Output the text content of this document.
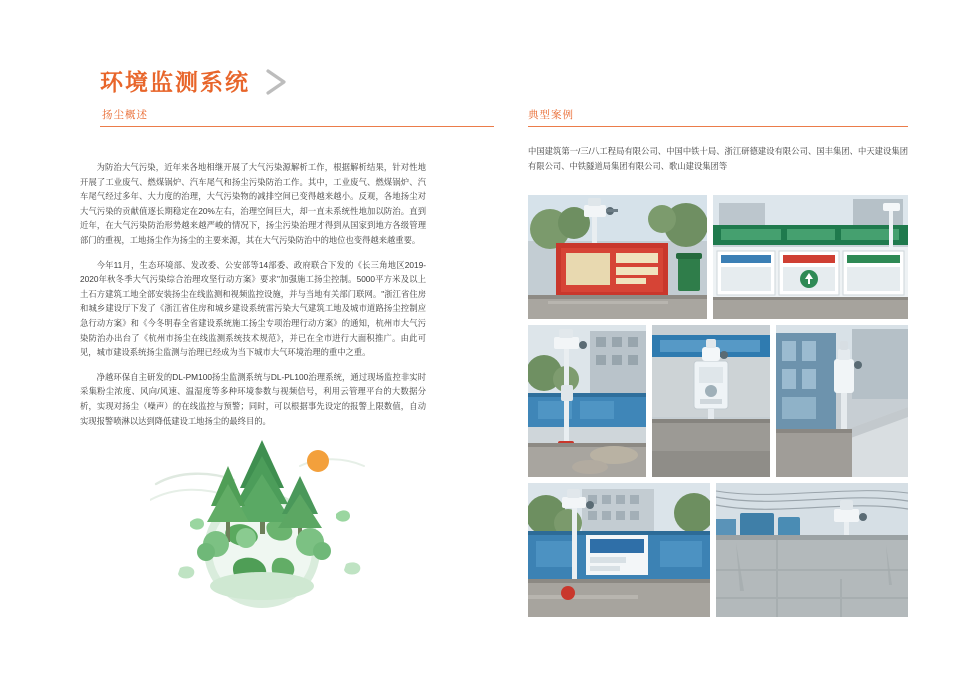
环境监测系统
扬尘概述

为防治大气污染，近年来各地相继开展了大气污染源解析工作，根据解析结果，针对性地开展了工业废气、燃煤锅炉、汽车尾气和扬尘污染防治工作。其中，工业废气、燃煤锅炉、汽车尾气经过多年、大力度的治理，大气污染物的减排空间已变得越来越小。反观，各地扬尘对大气污染的贡献值逐长期稳定在20%左右，治理空间巨大，却一直未系统性地加以防治。直到近年，在大气污染防治形势越来越严峻的情况下，扬尘污染治理才得到从国家到地方各级管理部门的重视，工地扬尘作为扬尘的主要来源，其在大气污染防治中的地位也变得越来越重要。

今年11月，生态环境部、发改委、公安部等14部委、政府联合下发的《长三角地区2019-2020年秋冬季大气污染综合治理攻坚行动方案》要求"加强施工扬尘控制。5000平方米及以上土石方建筑工地全部安装扬尘在线监测和视频监控设施，并与当地有关部门联网。"浙江省住房和城乡建设厅下发了《浙江省住房和城乡建设系统雷污染大气建筑工地及城市道路扬尘控制应急行动方案》和《今冬明春全省建设系统施工扬尘专项治理行动方案》的通知，杭州市大气污染防治办出台了《杭州市扬尘在线监测系统技术规范》，并已在全市进行大面积推广。由此可见，城市建设系统扬尘监测与治理已经成为当下城市大气环境治理的重中之重。

净越环保自主研发的DL-PM100扬尘监测系统与DL-PL100治理系统，通过现场监控非实时采集粉尘浓度、风向/风速、温湿度等多种环境参数与视频信号，利用云管理平台的大数据分析，实现对扬尘（噪声）的在线监控与预警；同时，可以根据事先设定的报警上限数值，自动实现报警喷淋以达到降低建设工地扬尘的最终目的。

典型案例
中国建筑第一/三/八工程局有限公司、中国中铁十局、浙江研德建设有限公司、国丰集团、中天建设集团有限公司、中铁隧道局集团有限公司、歌山建设集团等
